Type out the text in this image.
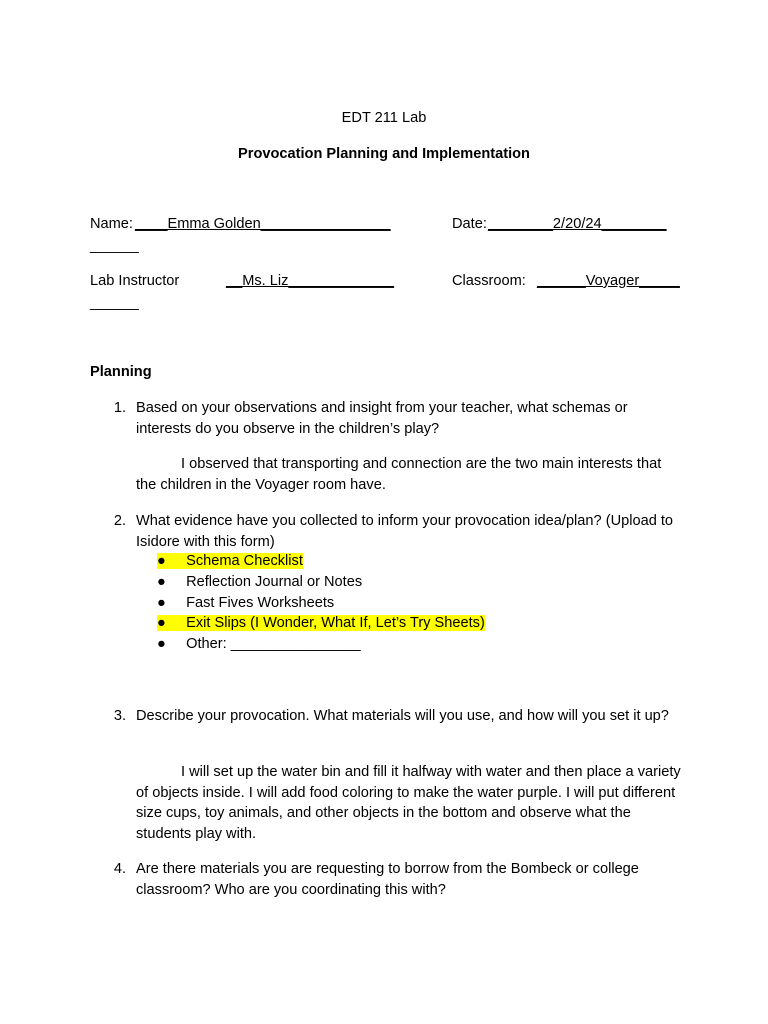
EDT 211 Lab
Provocation Planning and Implementation
Name: ____Emma Golden________________	Date: ________2/20/24________
______
Lab Instructor	__Ms. Liz_____________	Classroom: ______Voyager_____
______
Planning
1. Based on your observations and insight from your teacher, what schemas or interests do you observe in the children’s play?
I observed that transporting and connection are the two main interests that the children in the Voyager room have.
2. What evidence have you collected to inform your provocation idea/plan? (Upload to Isidore with this form)
●     Schema Checklist
●     Reflection Journal or Notes
●     Fast Fives Worksheets
●     Exit Slips (I Wonder, What If, Let’s Try Sheets)
●     Other: ________________
3. Describe your provocation. What materials will you use, and how will you set it up?
I will set up the water bin and fill it halfway with water and then place a variety of objects inside. I will add food coloring to make the water purple. I will put different size cups, toy animals, and other objects in the bottom and observe what the students play with.
4. Are there materials you are requesting to borrow from the Bombeck or college classroom? Who are you coordinating this with?
